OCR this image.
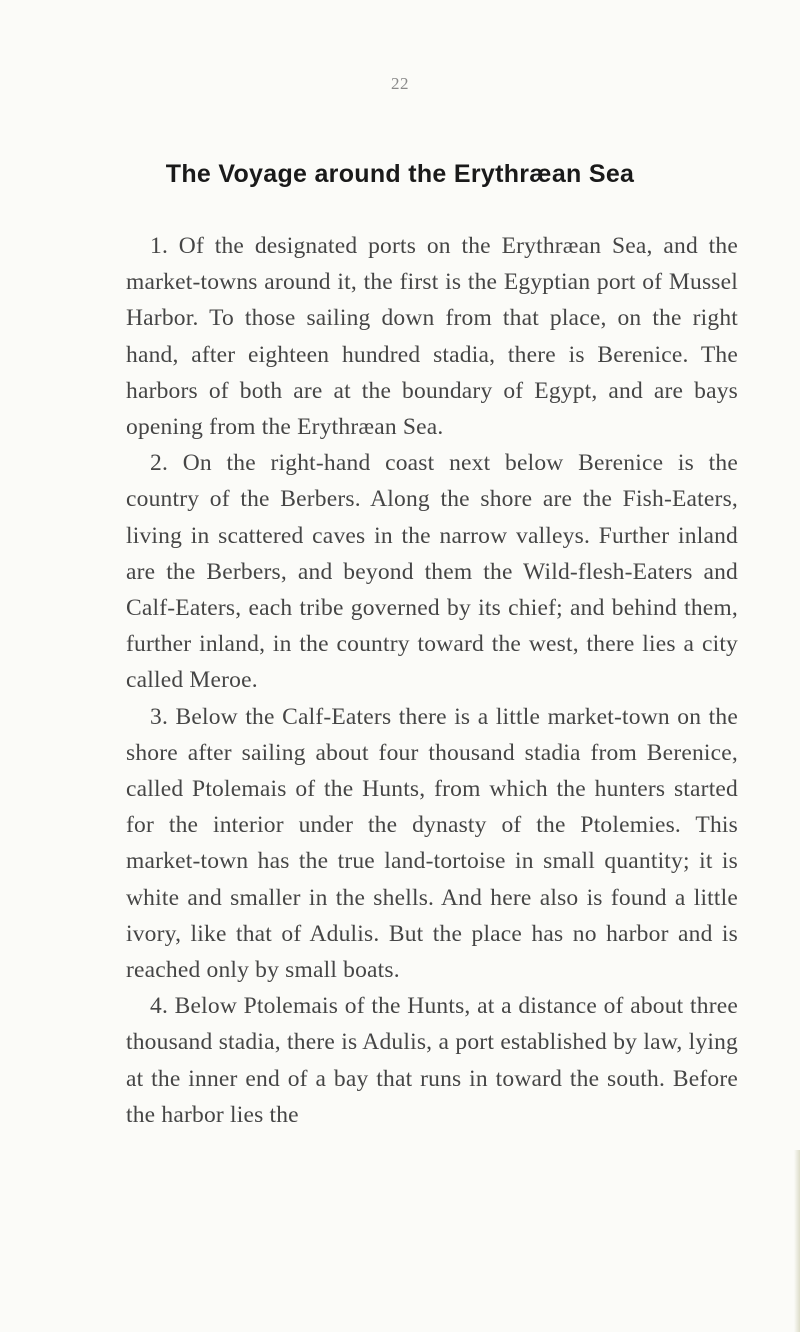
22
The Voyage around the Erythræan Sea

1. Of the designated ports on the Erythræan Sea, and the market-towns around it, the first is the Egyptian port of Mussel Harbor. To those sailing down from that place, on the right hand, after eighteen hundred stadia, there is Berenice. The harbors of both are at the boundary of Egypt, and are bays opening from the Erythræan Sea.

2. On the right-hand coast next below Berenice is the country of the Berbers. Along the shore are the Fish-Eaters, living in scattered caves in the narrow valleys. Further inland are the Berbers, and beyond them the Wild-flesh-Eaters and Calf-Eaters, each tribe governed by its chief; and behind them, further inland, in the country toward the west, there lies a city called Meroe.

3. Below the Calf-Eaters there is a little market-town on the shore after sailing about four thousand stadia from Berenice, called Ptolemais of the Hunts, from which the hunters started for the interior under the dynasty of the Ptolemies. This market-town has the true land-tortoise in small quantity; it is white and smaller in the shells. And here also is found a little ivory, like that of Adulis. But the place has no harbor and is reached only by small boats.

4. Below Ptolemais of the Hunts, at a distance of about three thousand stadia, there is Adulis, a port established by law, lying at the inner end of a bay that runs in toward the south. Before the harbor lies the
